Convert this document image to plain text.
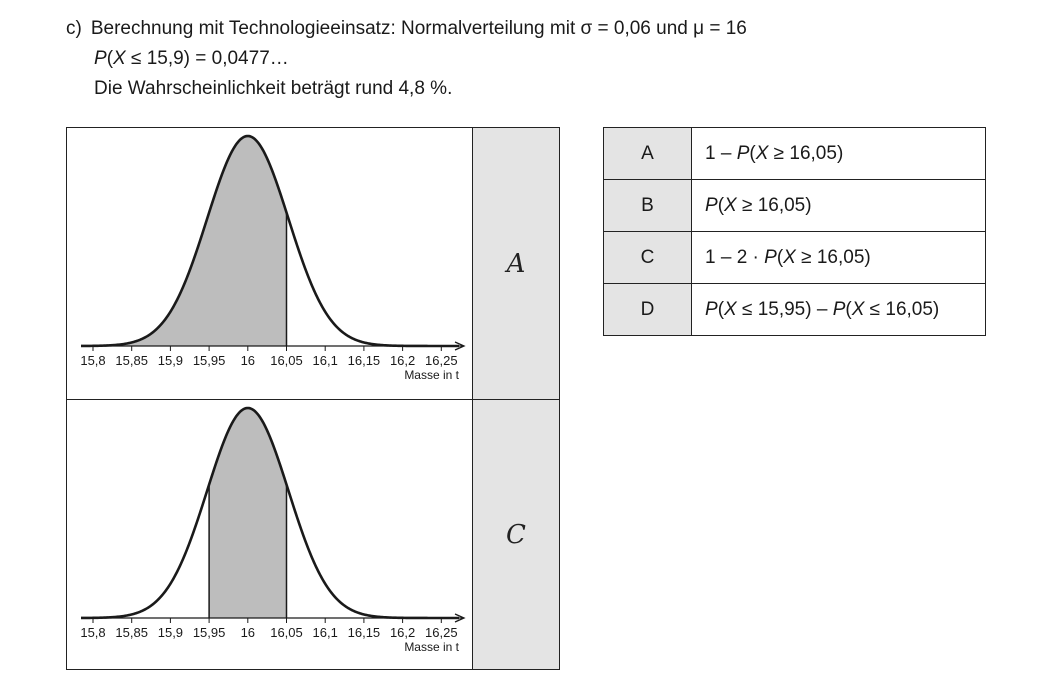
c) Berechnung mit Technologieeinsatz: Normalverteilung mit σ = 0,06 und μ = 16
P(X ≤ 15,9) = 0,0477…
Die Wahrscheinlichkeit beträgt rund 4,8 %.
15,8 15,85 15,9 15,95 16 16,05 16,1 16,15 16,2 16,25
Masse in t
A
15,8 15,85 15,9 15,95 16 16,05 16,1 16,15 16,2 16,25
Masse in t
C
A	1 – P(X ≥ 16,05)
B	P(X ≥ 16,05)
C	1 – 2 · P(X ≥ 16,05)
D	P(X ≤ 15,95) – P(X ≤ 16,05)
